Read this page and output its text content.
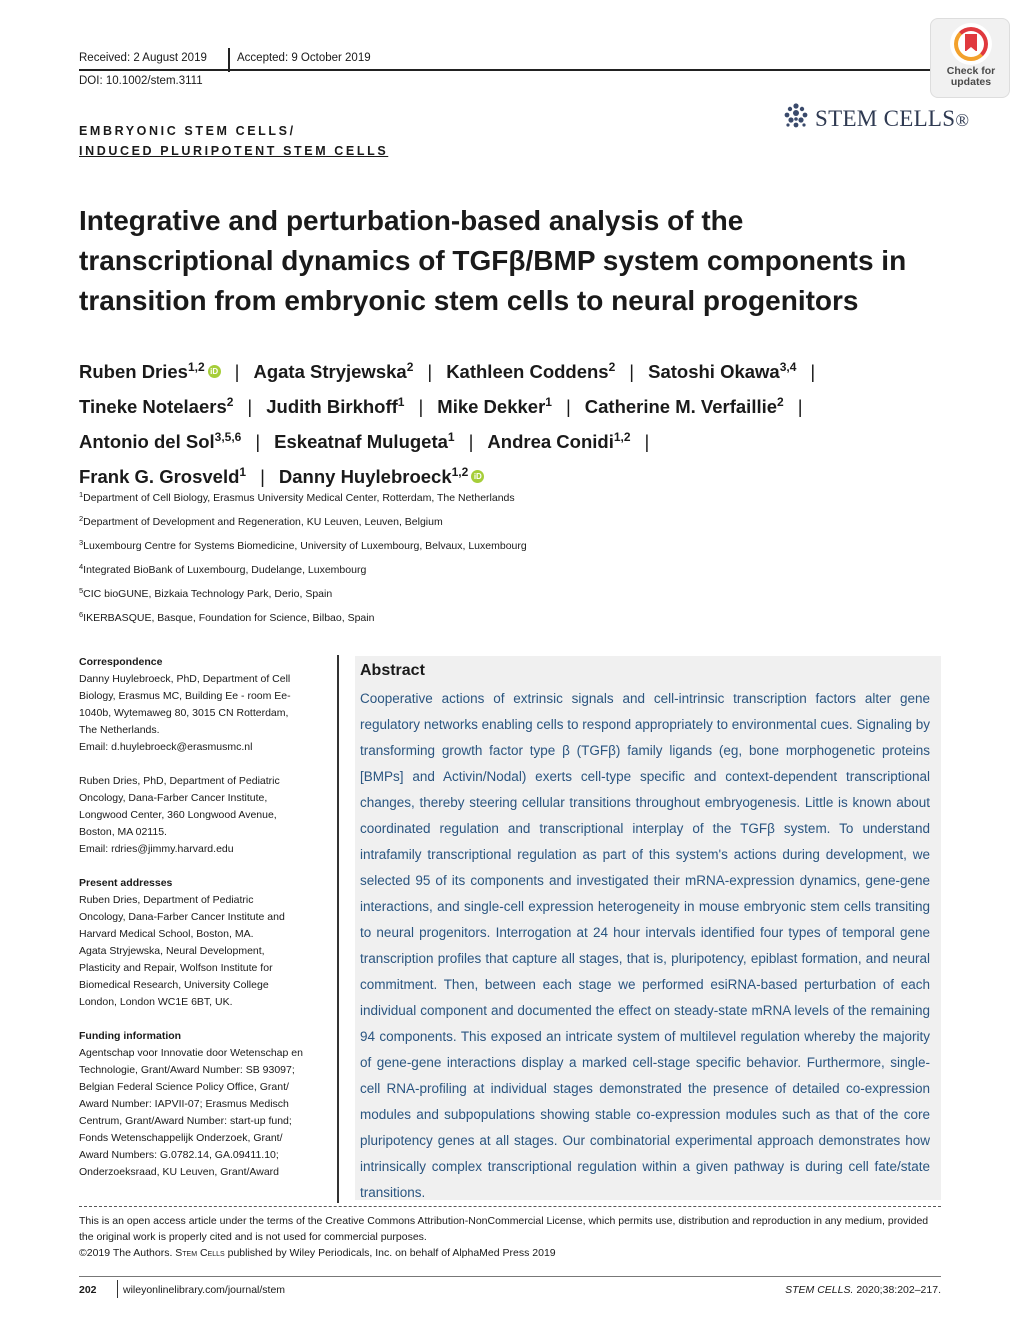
Received: 2 August 2019	Accepted: 9 October 2019
DOI: 10.1002/stem.3111
Check for
updates
STEM CELLS®
EMBRYONIC STEM CELLS/
INDUCED PLURIPOTENT STEM CELLS
Integrative and perturbation-based analysis of the
transcriptional dynamics of TGFβ/BMP system components in
transition from embryonic stem cells to neural progenitors
Ruben Dries$^{1,2}$ iD | Agata Stryjewska$^2$ | Kathleen Coddens$^2$ | Satoshi Okawa$^{3,4}$ |
Tineke Notelaers$^2$ | Judith Birkhoff$^1$ | Mike Dekker$^1$ | Catherine M. Verfaillie$^2$ |
Antonio del Sol$^{3,5,6}$ | Eskeatnaf Mulugeta$^1$ | Andrea Conidi$^{1,2}$ |
Frank G. Grosveld$^1$ | Danny Huylebroeck$^{1,2}$ iD
$^1$Department of Cell Biology, Erasmus University Medical Center, Rotterdam, The Netherlands
$^2$Department of Development and Regeneration, KU Leuven, Leuven, Belgium
$^3$Luxembourg Centre for Systems Biomedicine, University of Luxembourg, Belvaux, Luxembourg
$^4$Integrated BioBank of Luxembourg, Dudelange, Luxembourg
$^5$CIC bioGUNE, Bizkaia Technology Park, Derio, Spain
$^6$IKERBASQUE, Basque, Foundation for Science, Bilbao, Spain
Correspondence
Danny Huylebroeck, PhD, Department of Cell
Biology, Erasmus MC, Building Ee - room Ee-
1040b, Wytemaweg 80, 3015 CN Rotterdam,
The Netherlands.
Email: d.huylebroeck@erasmusmc.nl
Ruben Dries, PhD, Department of Pediatric
Oncology, Dana-Farber Cancer Institute,
Longwood Center, 360 Longwood Avenue,
Boston, MA 02115.
Email: rdries@jimmy.harvard.edu
Present addresses
Ruben Dries, Department of Pediatric
Oncology, Dana-Farber Cancer Institute and
Harvard Medical School, Boston, MA.
Agata Stryjewska, Neural Development,
Plasticity and Repair, Wolfson Institute for
Biomedical Research, University College
London, London WC1E 6BT, UK.
Funding information
Agentschap voor Innovatie door Wetenschap en
Technologie, Grant/Award Number: SB 93097;
Belgian Federal Science Policy Office, Grant/
Award Number: IAPVII-07; Erasmus Medisch
Centrum, Grant/Award Number: start-up fund;
Fonds Wetenschappelijk Onderzoek, Grant/
Award Numbers: G.0782.14, GA.09411.10;
Onderzoeksraad, KU Leuven, Grant/Award
Abstract
Cooperative actions of extrinsic signals and cell-intrinsic transcription factors alter gene regulatory networks enabling cells to respond appropriately to environmental cues. Signaling by transforming growth factor type β (TGFβ) family ligands (eg, bone morphogenetic proteins [BMPs] and Activin/Nodal) exerts cell-type specific and context-dependent transcriptional changes, thereby steering cellular transitions throughout embryogenesis. Little is known about coordinated regulation and transcriptional interplay of the TGFβ system. To understand intrafamily transcriptional regulation as part of this system's actions during development, we selected 95 of its components and investigated their mRNA-expression dynamics, gene-gene interactions, and single-cell expression heterogeneity in mouse embryonic stem cells transiting to neural progenitors. Interrogation at 24 hour intervals identified four types of temporal gene transcription profiles that capture all stages, that is, pluripotency, epiblast formation, and neural commitment. Then, between each stage we performed esiRNA-based perturbation of each individual component and documented the effect on steady-state mRNA levels of the remaining 94 components. This exposed an intricate system of multilevel regulation whereby the majority of gene-gene interactions display a marked cell-stage specific behavior. Furthermore, single-cell RNA-profiling at individual stages demonstrated the presence of detailed co-expression modules and subpopulations showing stable co-expression modules such as that of the core pluripotency genes at all stages. Our combinatorial experimental approach demonstrates how intrinsically complex transcriptional regulation within a given pathway is during cell fate/state transitions.
This is an open access article under the terms of the Creative Commons Attribution-NonCommercial License, which permits use, distribution and reproduction in any medium, provided the original work is properly cited and is not used for commercial purposes.
©2019 The Authors. Stem Cells published by Wiley Periodicals, Inc. on behalf of AlphaMed Press 2019
202	wileyonlinelibrary.com/journal/stem	STEM CELLS. 2020;38:202–217.
